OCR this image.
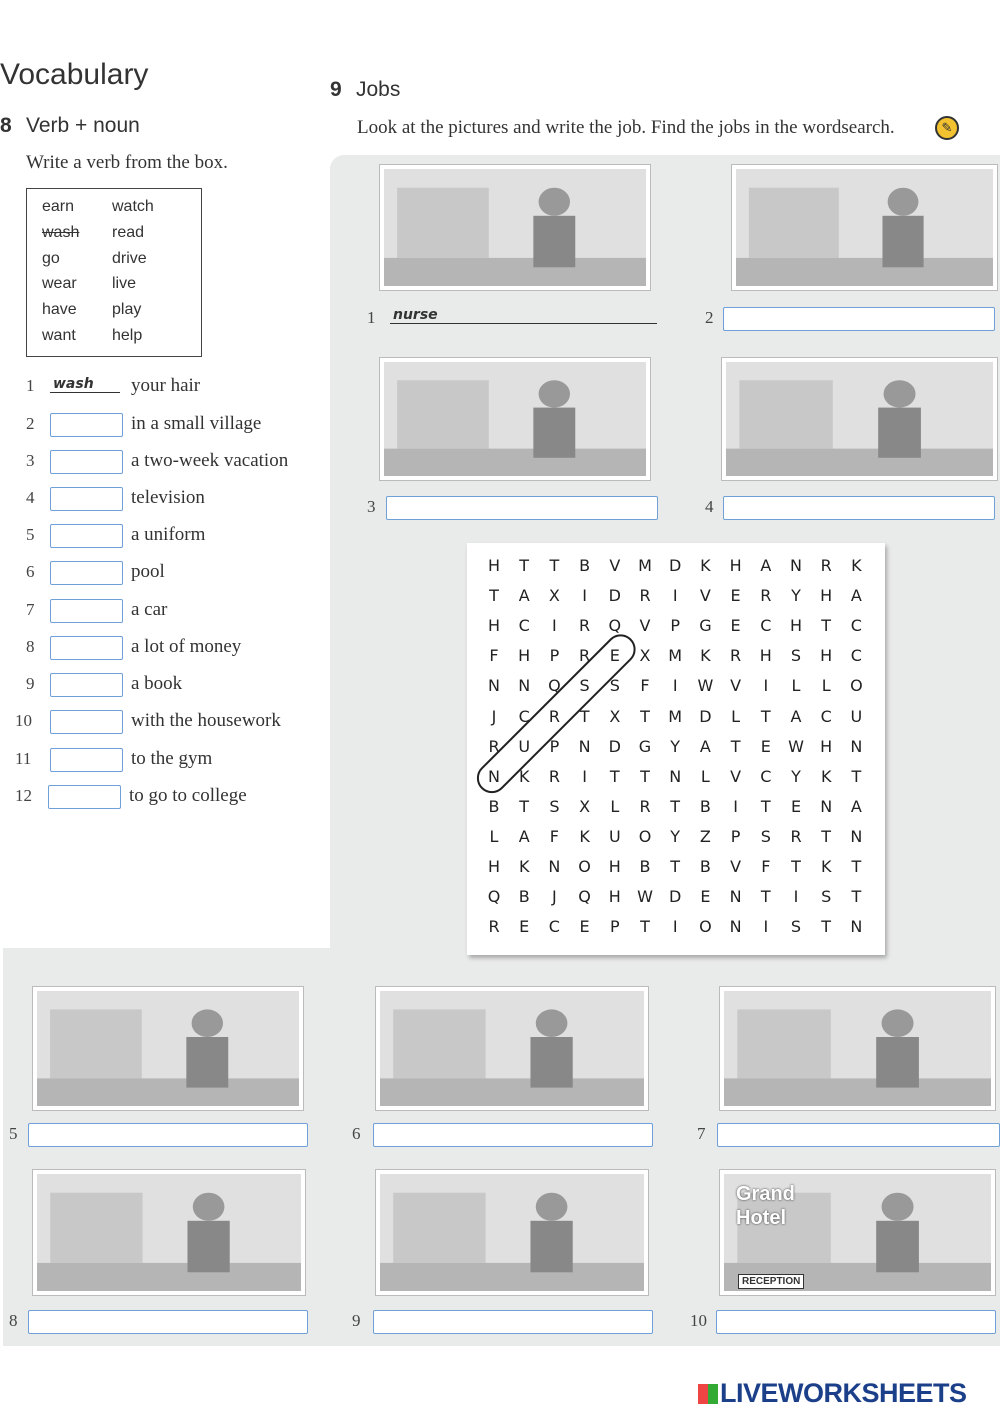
Vocabulary
8 Verb + noun
Write a verb from the box.
earn watch
wash read
go	drive
wear live
have play
want help
1 wash	your hair
2	in a small village
3	a two-week vacation
4	television
5	a uniform
6	pool
7	a car
8	a lot of money
9	a book
10	with the housework
11	to the gym
12	to go to college
9 Jobs
Look at the pictures and write the job. Find the jobs in the wordsearch.	✎
1 nurse	2
3	4
5	6	7
8	9
Grand Hotel
RECEPTION
10
H	T	T	B	V	M	D	K	H	A	N	R	K
T	A	X	I	D	R	I	V	E	R	Y	H	A
H	C	I	R	Q	V	P	G	E	C	H	T	C
F	H	P	R	E	X	M	K	R	H	S	H	C
N	N	Q	S	S	F	I	W	V	I	L	L	O
J	C	R	T	X	T	M	D	L	T	A	C	U
R	U	P	N	D	G	Y	A	T	E	W	H	N
N	K	R	I	T	T	N	L	V	C	Y	K	T
B	T	S	X	L	R	T	B	I	T	E	N	A
L	A	F	K	U	O	Y	Z	P	S	R	T	N
H	K	N	O	H	B	T	B	V	F	T	K	T
Q	B	J	Q	H	W	D	E	N	T	I	S	T
R	E	C	E	P	T	I	O	N	I	S	T	N
LIVEWORKSHEETS
